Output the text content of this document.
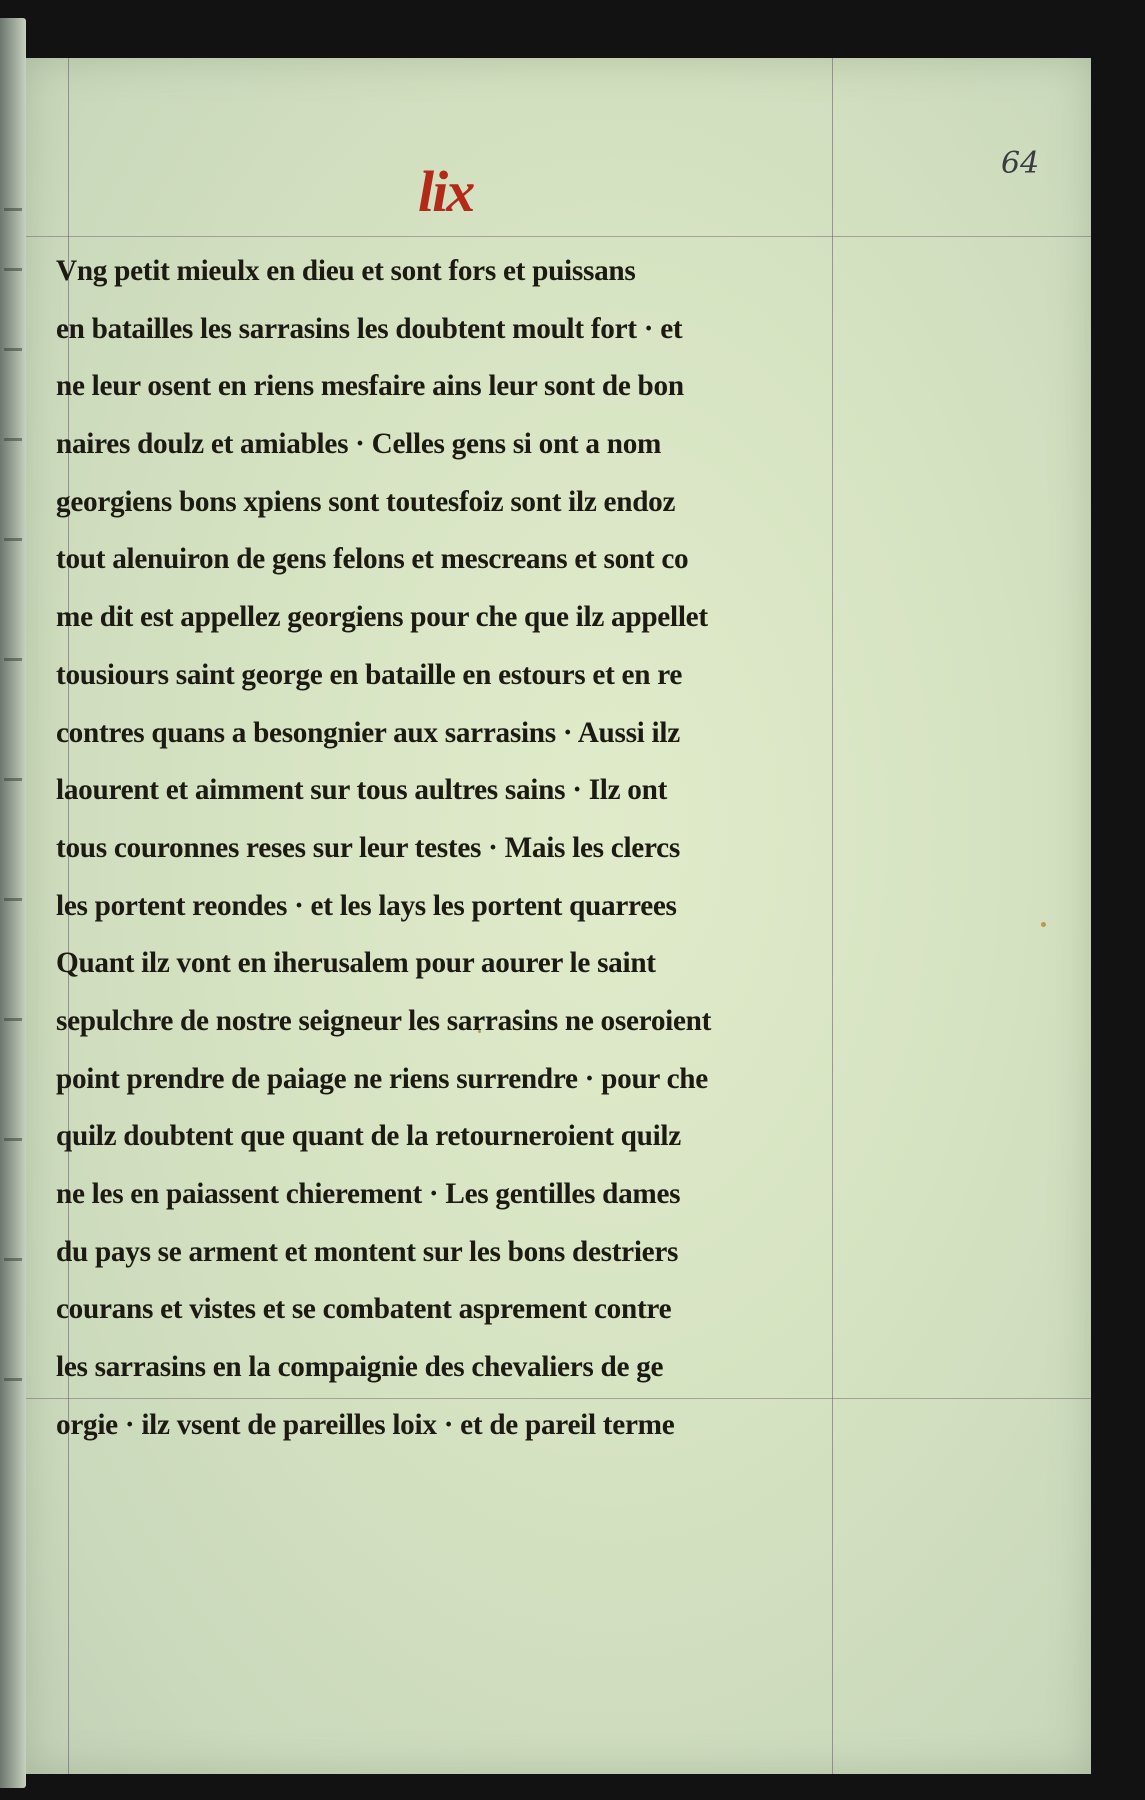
64
lix
Vng petit mieulx en dieu et sont fors et puissans
en batailles les sarrasins les doubtent moult fort · et
ne leur osent en riens mesfaire ains leur sont de bon
naires doulz et amiables · Celles gens si ont a nom
georgiens bons xpiens sont toutesfoiz sont ilz endoz
tout alenuiron de gens felons et mescreans et sont co
me dit est appellez georgiens pour che que ilz appellet
tousiours saint george en bataille en estours et en re
contres quans a besongnier aux sarrasins · Aussi ilz
laourent et aimment sur tous aultres sains · Ilz ont
tous couronnes reses sur leur testes · Mais les clercs
les portent reondes · et les lays les portent quarrees
Quant ilz vont en iherusalem pour aourer le saint
sepulchre de nostre seigneur les sarrasins ne oseroient
point prendre de paiage ne riens surrendre · pour che
quilz doubtent que quant de la retourneroient quilz
ne les en paiassent chierement · Les gentilles dames
du pays se arment et montent sur les bons destriers
courans et vistes et se combatent asprement contre
les sarrasins en la compaignie des chevaliers de ge
orgie · ilz vsent de pareilles loix · et de pareil terme
